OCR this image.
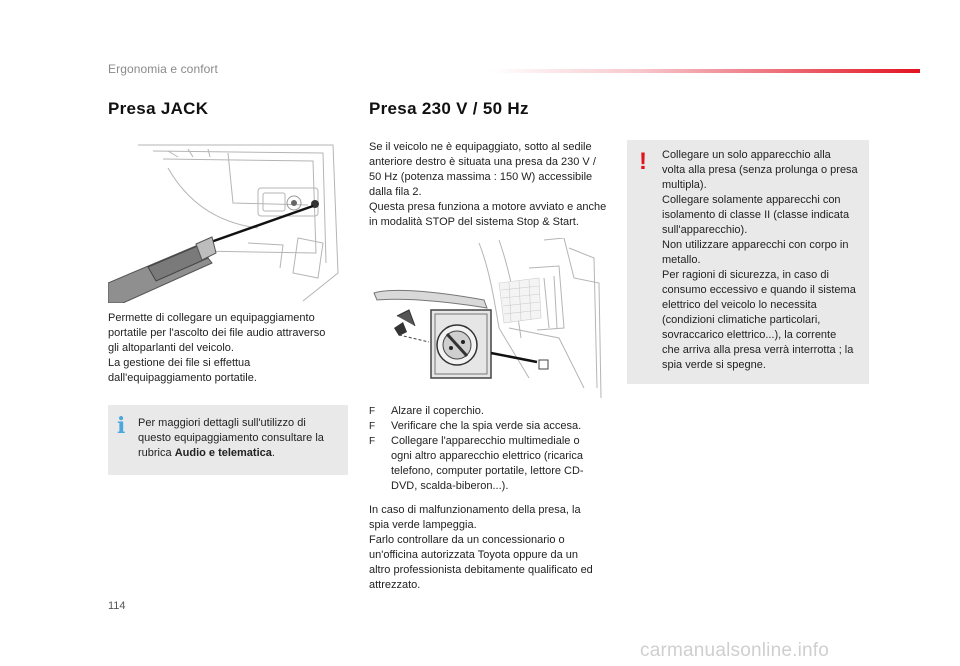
Ergonomia e confort
Presa JACK

Permette di collegare un equipaggiamento

portatile per l'ascolto dei file audio attraverso

gli altoparlanti del veicolo.

La gestione dei file si effettua

dall'equipaggiamento portatile.

i Per maggiori dettagli sull'utilizzo di

questo equipaggiamento consultare la

rubrica Audio e telematica.

Presa 230 V / 50 Hz

Se il veicolo ne è equipaggiato, sotto al sedile

anteriore destro è situata una presa da 230 V /

50 Hz (potenza massima : 150 W) accessibile

dalla fila 2.

Questa presa funziona a motore avviato e anche

in modalità STOP del sistema Stop & Start.

F Alzare il coperchio.

F Verificare che la spia verde sia accesa.

F Collegare l'apparecchio multimediale o

ogni altro apparecchio elettrico (ricarica

telefono, computer portatile, lettore CD-

DVD, scalda-biberon...).

In caso di malfunzionamento della presa, la

spia verde lampeggia.

Farlo controllare da un concessionario o

un'officina autorizzata Toyota oppure da un

altro professionista debitamente qualificato ed

attrezzato.

! Collegare un solo apparecchio alla

volta alla presa (senza prolunga o presa

multipla).

Collegare solamente apparecchi con

isolamento di classe II (classe indicata

sull'apparecchio).

Non utilizzare apparecchi con corpo in

metallo.

Per ragioni di sicurezza, in caso di

consumo eccessivo e quando il sistema

elettrico del veicolo lo necessita

(condizioni climatiche particolari,

sovraccarico elettrico...), la corrente

che arriva alla presa verrà interrotta ; la

spia verde si spegne.

114
carmanualsonline.info
